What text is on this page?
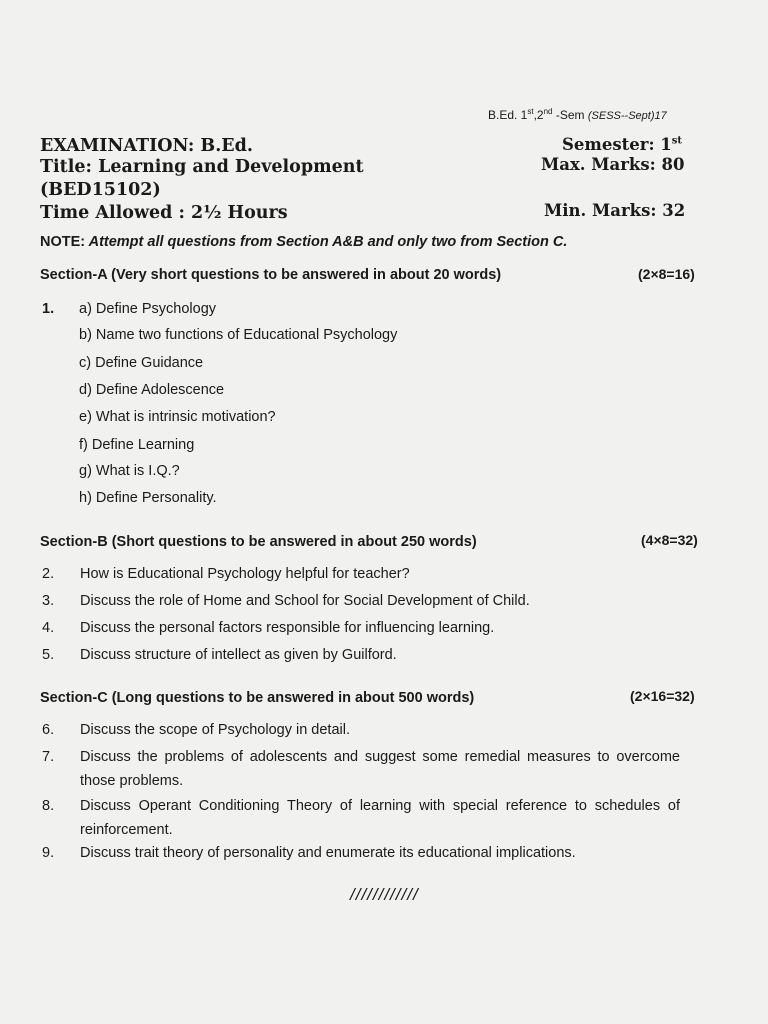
B.Ed. 1st,2nd -Sem (SESS--Sept)17
EXAMINATION: B.Ed.
Title: Learning and Development
(BED15102)
Time Allowed : 2½ Hours
Semester: 1st
Max. Marks: 80
Min. Marks: 32
NOTE: Attempt all questions from Section A&B and only two from Section C.
Section-A (Very short questions to be answered in about 20 words)	(2×8=16)
1. a) Define Psychology
b) Name two functions of Educational Psychology
c) Define Guidance
d) Define Adolescence
e) What is intrinsic motivation?
f) Define Learning
g) What is I.Q.?
h) Define Personality.
Section-B (Short questions to be answered in about 250 words)	(4×8=32)
2. How is Educational Psychology helpful for teacher?
3. Discuss the role of Home and School for Social Development of Child.
4. Discuss the personal factors responsible for influencing learning.
5. Discuss structure of intellect as given by Guilford.
Section-C (Long questions to be answered in about 500 words)	(2×16=32)
6. Discuss the scope of Psychology in detail.
7. Discuss the problems of adolescents and suggest some remedial measures to overcome those problems.
8. Discuss Operant Conditioning Theory of learning with special reference to schedules of reinforcement.
9. Discuss trait theory of personality and enumerate its educational implications.
////////////
